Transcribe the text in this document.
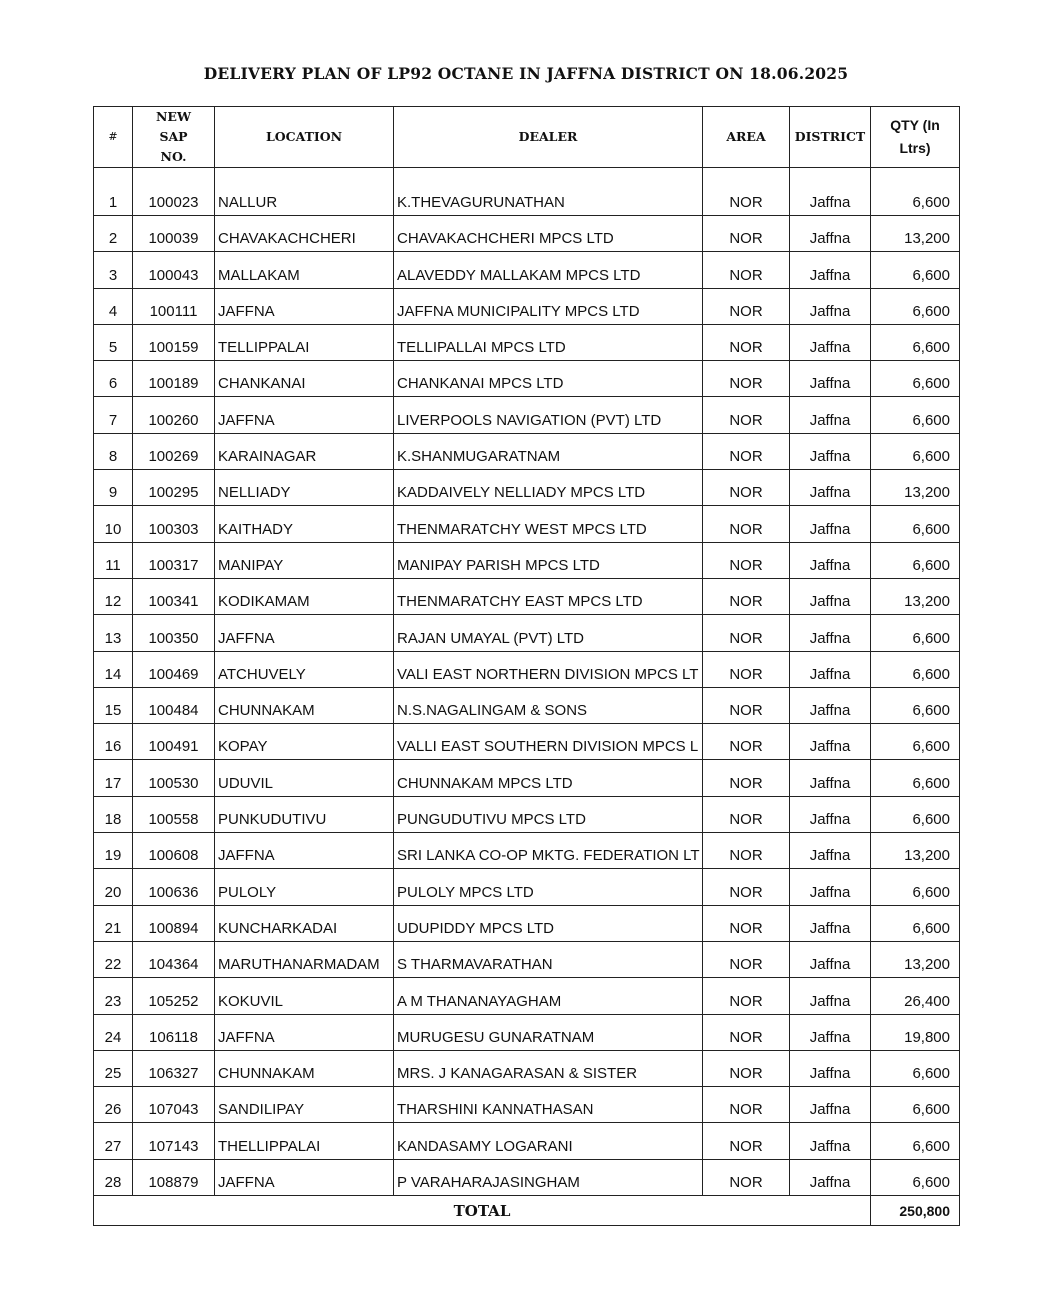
DELIVERY PLAN OF LP92 OCTANE IN JAFFNA DISTRICT ON 18.06.2025
#	NEW SAP NO.	LOCATION	DEALER	AREA	DISTRICT	QTY (In Ltrs)
1	100023	NALLUR	K.THEVAGURUNATHAN	NOR	Jaffna	6,600
2	100039	CHAVAKACHCHERI	CHAVAKACHCHERI MPCS LTD	NOR	Jaffna	13,200
3	100043	MALLAKAM	ALAVEDDY MALLAKAM MPCS LTD	NOR	Jaffna	6,600
4	100111	JAFFNA	JAFFNA MUNICIPALITY MPCS LTD	NOR	Jaffna	6,600
5	100159	TELLIPPALAI	TELLIPALLAI MPCS LTD	NOR	Jaffna	6,600
6	100189	CHANKANAI	CHANKANAI MPCS LTD	NOR	Jaffna	6,600
7	100260	JAFFNA	LIVERPOOLS NAVIGATION (PVT) LTD	NOR	Jaffna	6,600
8	100269	KARAINAGAR	K.SHANMUGARATNAM	NOR	Jaffna	6,600
9	100295	NELLIADY	KADDAIVELY NELLIADY MPCS LTD	NOR	Jaffna	13,200
10	100303	KAITHADY	THENMARATCHY WEST MPCS LTD	NOR	Jaffna	6,600
11	100317	MANIPAY	MANIPAY PARISH MPCS LTD	NOR	Jaffna	6,600
12	100341	KODIKAMAM	THENMARATCHY EAST MPCS LTD	NOR	Jaffna	13,200
13	100350	JAFFNA	RAJAN UMAYAL (PVT) LTD	NOR	Jaffna	6,600
14	100469	ATCHUVELY	VALI EAST NORTHERN DIVISION MPCS LT	NOR	Jaffna	6,600
15	100484	CHUNNAKAM	N.S.NAGALINGAM & SONS	NOR	Jaffna	6,600
16	100491	KOPAY	VALLI EAST SOUTHERN DIVISION MPCS L	NOR	Jaffna	6,600
17	100530	UDUVIL	CHUNNAKAM MPCS LTD	NOR	Jaffna	6,600
18	100558	PUNKUDUTIVU	PUNGUDUTIVU MPCS LTD	NOR	Jaffna	6,600
19	100608	JAFFNA	SRI LANKA CO-OP MKTG. FEDERATION LT	NOR	Jaffna	13,200
20	100636	PULOLY	PULOLY MPCS LTD	NOR	Jaffna	6,600
21	100894	KUNCHARKADAI	UDUPIDDY MPCS LTD	NOR	Jaffna	6,600
22	104364	MARUTHANARMADAM	S THARMAVARATHAN	NOR	Jaffna	13,200
23	105252	KOKUVIL	A M THANANAYAGHAM	NOR	Jaffna	26,400
24	106118	JAFFNA	MURUGESU GUNARATNAM	NOR	Jaffna	19,800
25	106327	CHUNNAKAM	MRS. J KANAGARASAN & SISTER	NOR	Jaffna	6,600
26	107043	SANDILIPAY	THARSHINI KANNATHASAN	NOR	Jaffna	6,600
27	107143	THELLIPPALAI	KANDASAMY LOGARANI	NOR	Jaffna	6,600
28	108879	JAFFNA	P VARAHARAJASINGHAM	NOR	Jaffna	6,600
TOTAL						250,800
